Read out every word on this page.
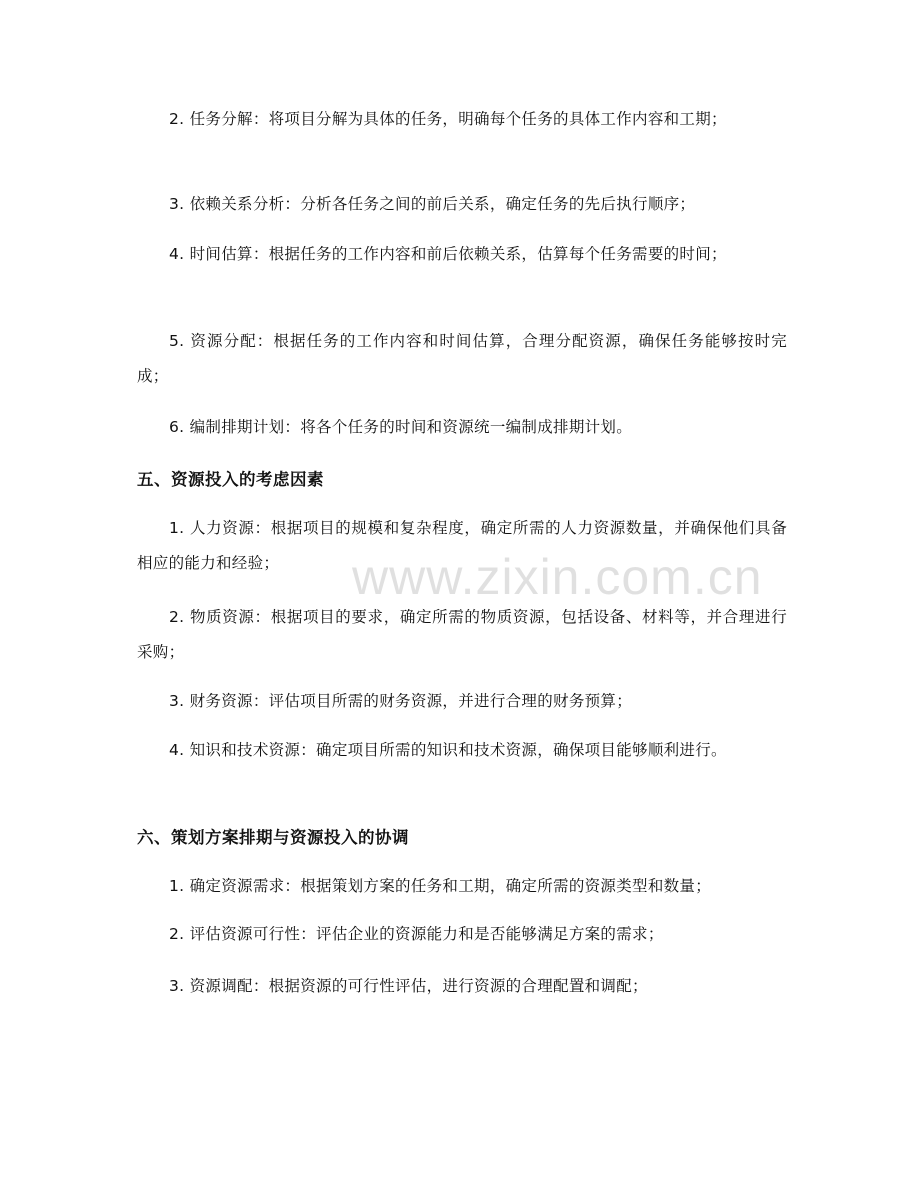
2. 任务分解：将项目分解为具体的任务，明确每个任务的具体工作内容和工期；

3. 依赖关系分析：分析各任务之间的前后关系，确定任务的先后执行顺序；

4. 时间估算：根据任务的工作内容和前后依赖关系，估算每个任务需要的时间；

5. 资源分配：根据任务的工作内容和时间估算，合理分配资源，确保任务能够按时完成；

6. 编制排期计划：将各个任务的时间和资源统一编制成排期计划。

五、资源投入的考虑因素

1. 人力资源：根据项目的规模和复杂程度，确定所需的人力资源数量，并确保他们具备相应的能力和经验；

2. 物质资源：根据项目的要求，确定所需的物质资源，包括设备、材料等，并合理进行采购；

3. 财务资源：评估项目所需的财务资源，并进行合理的财务预算；

4. 知识和技术资源：确定项目所需的知识和技术资源，确保项目能够顺利进行。

六、策划方案排期与资源投入的协调

1. 确定资源需求：根据策划方案的任务和工期，确定所需的资源类型和数量；

2. 评估资源可行性：评估企业的资源能力和是否能够满足方案的需求；

3. 资源调配：根据资源的可行性评估，进行资源的合理配置和调配；

www.zixin.com.cn
